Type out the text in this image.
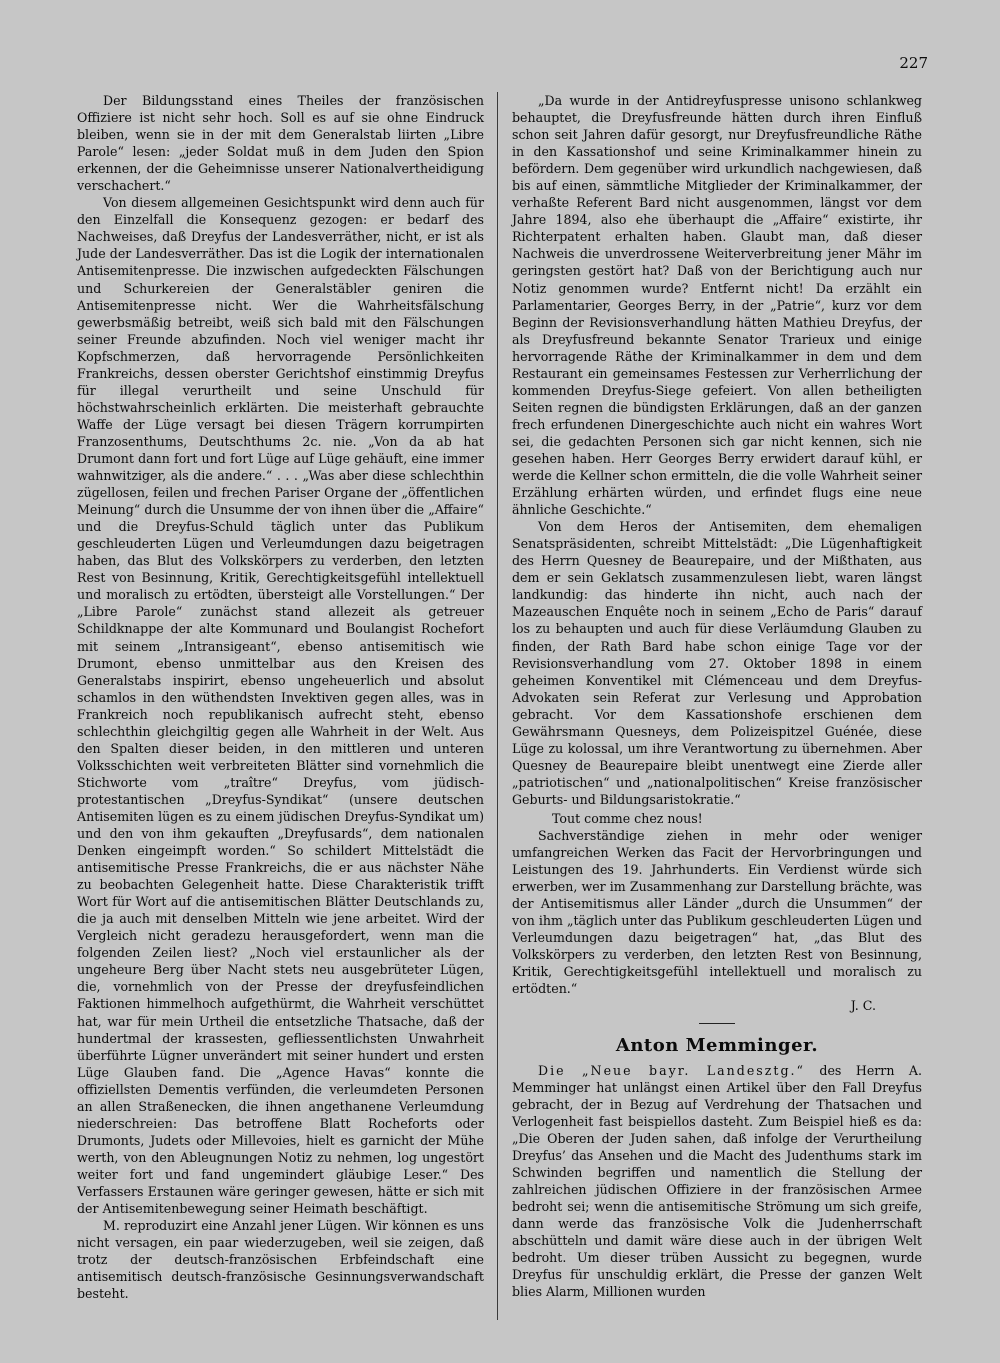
227

Der Bildungsstand eines Theiles der französischen Offiziere ist nicht sehr hoch. Soll es auf sie ohne Eindruck bleiben, wenn sie in der mit dem Generalstab liirten „Libre Parole“ lesen: „jeder Soldat muß in dem Juden den Spion erkennen, der die Geheimnisse unserer Nationalvertheidigung verschachert.“

Von diesem allgemeinen Gesichtspunkt wird denn auch für den Einzelfall die Konsequenz gezogen: er bedarf des Nachweises, daß Dreyfus der Landesverräther, nicht, er ist als Jude der Landesverräther. Das ist die Logik der internationalen Antisemitenpresse. Die inzwischen aufgedeckten Fälschungen und Schurkereien der Generalstäbler geniren die Antisemitenpresse nicht. Wer die Wahrheitsfälschung gewerbsmäßig betreibt, weiß sich bald mit den Fälschungen seiner Freunde abzufinden. Noch viel weniger macht ihr Kopfschmerzen, daß hervorragende Persönlichkeiten Frankreichs, dessen oberster Gerichtshof einstimmig Dreyfus für illegal verurtheilt und seine Unschuld für höchstwahrscheinlich erklärten. Die meisterhaft gebrauchte Waffe der Lüge versagt bei diesen Trägern korrumpirten Franzosenthums, Deutschthums 2c. nie. „Von da ab hat Drumont dann fort und fort Lüge auf Lüge gehäuft, eine immer wahnwitziger, als die andere.“ . . . „Was aber diese schlechthin zügellosen, feilen und frechen Pariser Organe der „öffentlichen Meinung“ durch die Unsumme der von ihnen über die „Affaire“ und die Dreyfus-Schuld täglich unter das Publikum geschleuderten Lügen und Verleumdungen dazu beigetragen haben, das Blut des Volkskörpers zu verderben, den letzten Rest von Besinnung, Kritik, Gerechtigkeitsgefühl intellektuell und moralisch zu ertödten, übersteigt alle Vorstellungen.“ Der „Libre Parole“ zunächst stand allezeit als getreuer Schildknappe der alte Kommunard und Boulangist Rochefort mit seinem „Intransigeant“, ebenso antisemitisch wie Drumont, ebenso unmittelbar aus den Kreisen des Generalstabs inspirirt, ebenso ungeheuerlich und absolut schamlos in den wüthendsten Invektiven gegen alles, was in Frankreich noch republikanisch aufrecht steht, ebenso schlechthin gleichgiltig gegen alle Wahrheit in der Welt. Aus den Spalten dieser beiden, in den mittleren und unteren Volksschichten weit verbreiteten Blätter sind vornehmlich die Stichworte vom „traître“ Dreyfus, vom jüdisch-protestantischen „Dreyfus-Syndikat“ (unsere deutschen Antisemiten lügen es zu einem jüdischen Dreyfus-Syndikat um) und den von ihm gekauften „Dreyfusards“, dem nationalen Denken eingeimpft worden.“ So schildert Mittelstädt die antisemitische Presse Frankreichs, die er aus nächster Nähe zu beobachten Gelegenheit hatte. Diese Charakteristik trifft Wort für Wort auf die antisemitischen Blätter Deutschlands zu, die ja auch mit denselben Mitteln wie jene arbeitet. Wird der Vergleich nicht geradezu herausgefordert, wenn man die folgenden Zeilen liest? „Noch viel erstaunlicher als der ungeheure Berg über Nacht stets neu ausgebrüteter Lügen, die, vornehmlich von der Presse der dreyfusfeindlichen Faktionen himmelhoch aufgethürmt, die Wahrheit verschüttet hat, war für mein Urtheil die entsetzliche Thatsache, daß der hundertmal der krassesten, gefliessentlichsten Unwahrheit überführte Lügner unverändert mit seiner hundert und ersten Lüge Glauben fand. Die „Agence Havas“ konnte die offiziellsten Dementis verfünden, die verleumdeten Personen an allen Straßenecken, die ihnen angethanene Verleumdung niederschreien: Das betroffene Blatt Rocheforts oder Drumonts, Judets oder Millevoies, hielt es garnicht der Mühe werth, von den Ableugnungen Notiz zu nehmen, log ungestört weiter fort und fand ungemindert gläubige Leser.“ Des Verfassers Erstaunen wäre geringer gewesen, hätte er sich mit der Antisemitenbewegung seiner Heimath beschäftigt.

M. reproduzirt eine Anzahl jener Lügen. Wir können es uns nicht versagen, ein paar wiederzugeben, weil sie zeigen, daß trotz der deutsch-französischen Erbfeindschaft eine antisemitisch deutsch-französische Gesinnungsverwandschaft besteht.

„Da wurde in der Antidreyfuspresse unisono schlankweg behauptet, die Dreyfusfreunde hätten durch ihren Einfluß schon seit Jahren dafür gesorgt, nur Dreyfusfreundliche Räthe in den Kassationshof und seine Kriminalkammer hinein zu befördern. Dem gegenüber wird urkundlich nachgewiesen, daß bis auf einen, sämmtliche Mitglieder der Kriminalkammer, der verhaßte Referent Bard nicht ausgenommen, längst vor dem Jahre 1894, also ehe überhaupt die „Affaire“ existirte, ihr Richterpatent erhalten haben. Glaubt man, daß dieser Nachweis die unverdrossene Weiterverbreitung jener Mähr im geringsten gestört hat? Daß von der Berichtigung auch nur Notiz genommen wurde? Entfernt nicht! Da erzählt ein Parlamentarier, Georges Berry, in der „Patrie“, kurz vor dem Beginn der Revisionsverhandlung hätten Mathieu Dreyfus, der als Dreyfusfreund bekannte Senator Trarieux und einige hervorragende Räthe der Kriminalkammer in dem und dem Restaurant ein gemeinsames Festessen zur Verherrlichung der kommenden Dreyfus-Siege gefeiert. Von allen betheiligten Seiten regnen die bündigsten Erklärungen, daß an der ganzen frech erfundenen Dinergeschichte auch nicht ein wahres Wort sei, die gedachten Personen sich gar nicht kennen, sich nie gesehen haben. Herr Georges Berry erwidert darauf kühl, er werde die Kellner schon ermitteln, die die volle Wahrheit seiner Erzählung erhärten würden, und erfindet flugs eine neue ähnliche Geschichte.“

Von dem Heros der Antisemiten, dem ehemaligen Senatspräsidenten, schreibt Mittelstädt: „Die Lügenhaftigkeit des Herrn Quesney de Beaurepaire, und der Mißthaten, aus dem er sein Geklatsch zusammenzulesen liebt, waren längst landkundig: das hinderte ihn nicht, auch nach der Mazeauschen Enquête noch in seinem „Echo de Paris“ darauf los zu behaupten und auch für diese Verläumdung Glauben zu finden, der Rath Bard habe schon einige Tage vor der Revisionsverhandlung vom 27. Oktober 1898 in einem geheimen Konventikel mit Clémenceau und dem Dreyfus-Advokaten sein Referat zur Verlesung und Approbation gebracht. Vor dem Kassationshofe erschienen dem Gewährsmann Quesneys, dem Polizeispitzel Guénée, diese Lüge zu kolossal, um ihre Verantwortung zu übernehmen. Aber Quesney de Beaurepaire bleibt unentwegt eine Zierde aller „patriotischen“ und „nationalpolitischen“ Kreise französischer Geburts- und Bildungsaristokratie.“

Tout comme chez nous!

Sachverständige ziehen in mehr oder weniger umfangreichen Werken das Facit der Hervorbringungen und Leistungen des 19. Jahrhunderts. Ein Verdienst würde sich erwerben, wer im Zusammenhang zur Darstellung brächte, was der Antisemitismus aller Länder „durch die Unsummen“ der von ihm „täglich unter das Publikum geschleuderten Lügen und Verleumdungen dazu beigetragen“ hat, „das Blut des Volkskörpers zu verderben, den letzten Rest von Besinnung, Kritik, Gerechtigkeitsgefühl intellektuell und moralisch zu ertödten.“

J. C.

Anton Memminger.

Die „Neue bayr. Landesztg.“ des Herrn A. Memminger hat unlängst einen Artikel über den Fall Dreyfus gebracht, der in Bezug auf Verdrehung der Thatsachen und Verlogenheit fast beispiellos dasteht. Zum Beispiel hieß es da: „Die Oberen der Juden sahen, daß infolge der Verurtheilung Dreyfus’ das Ansehen und die Macht des Judenthums stark im Schwinden begriffen und namentlich die Stellung der zahlreichen jüdischen Offiziere in der französischen Armee bedroht sei; wenn die antisemitische Strömung um sich greife, dann werde das französische Volk die Judenherrschaft abschütteln und damit wäre diese auch in der übrigen Welt bedroht. Um dieser trüben Aussicht zu begegnen, wurde Dreyfus für unschuldig erklärt, die Presse der ganzen Welt blies Alarm, Millionen wurden
